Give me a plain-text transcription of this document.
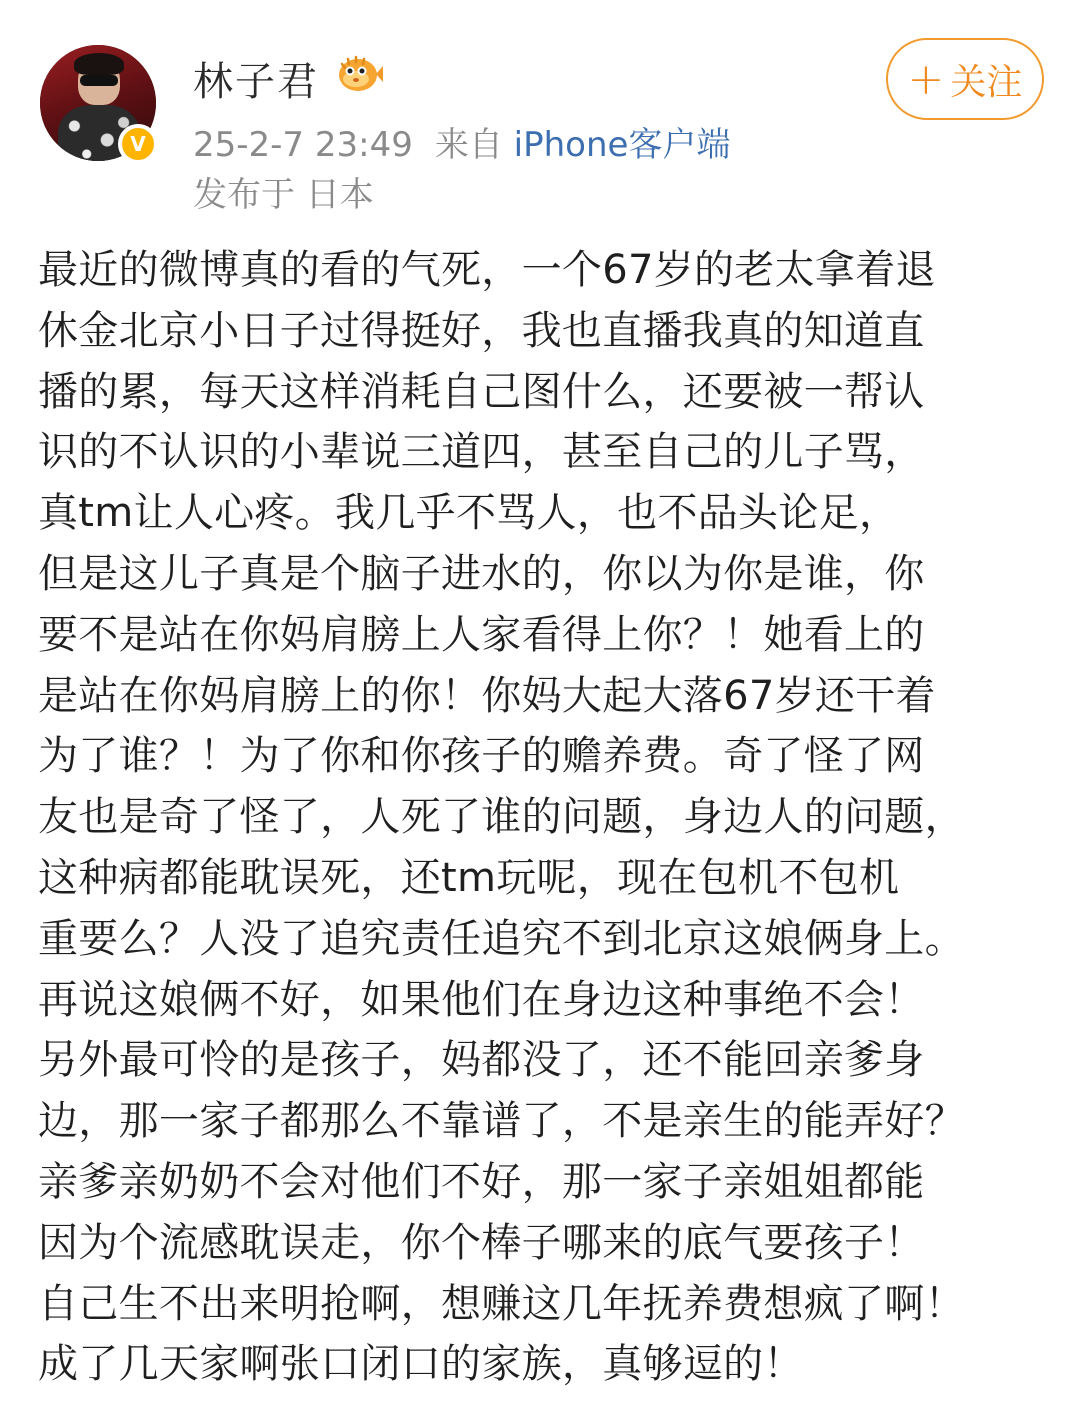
V
林子君
25-2-7 23:49 来自 iPhone客户端
发布于 日本
+ 关注
最近的微博真的看的气死，一个67岁的老太拿着退
休金北京小日子过得挺好，我也直播我真的知道直
播的累，每天这样消耗自己图什么，还要被一帮认
识的不认识的小辈说三道四，甚至自己的儿子骂，
真tm让人心疼。我几乎不骂人，也不品头论足，
但是这儿子真是个脑子进水的，你以为你是谁，你
要不是站在你妈肩膀上人家看得上你？！她看上的
是站在你妈肩膀上的你！你妈大起大落67岁还干着
为了谁？！为了你和你孩子的赡养费。奇了怪了网
友也是奇了怪了，人死了谁的问题，身边人的问题，
这种病都能耽误死，还tm玩呢，现在包机不包机
重要么？人没了追究责任追究不到北京这娘俩身上。
再说这娘俩不好，如果他们在身边这种事绝不会！
另外最可怜的是孩子，妈都没了，还不能回亲爹身
边，那一家子都那么不靠谱了，不是亲生的能弄好？
亲爹亲奶奶不会对他们不好，那一家子亲姐姐都能
因为个流感耽误走，你个棒子哪来的底气要孩子！
自己生不出来明抢啊，想赚这几年抚养费想疯了啊！
成了几天家啊张口闭口的家族，真够逗的！
